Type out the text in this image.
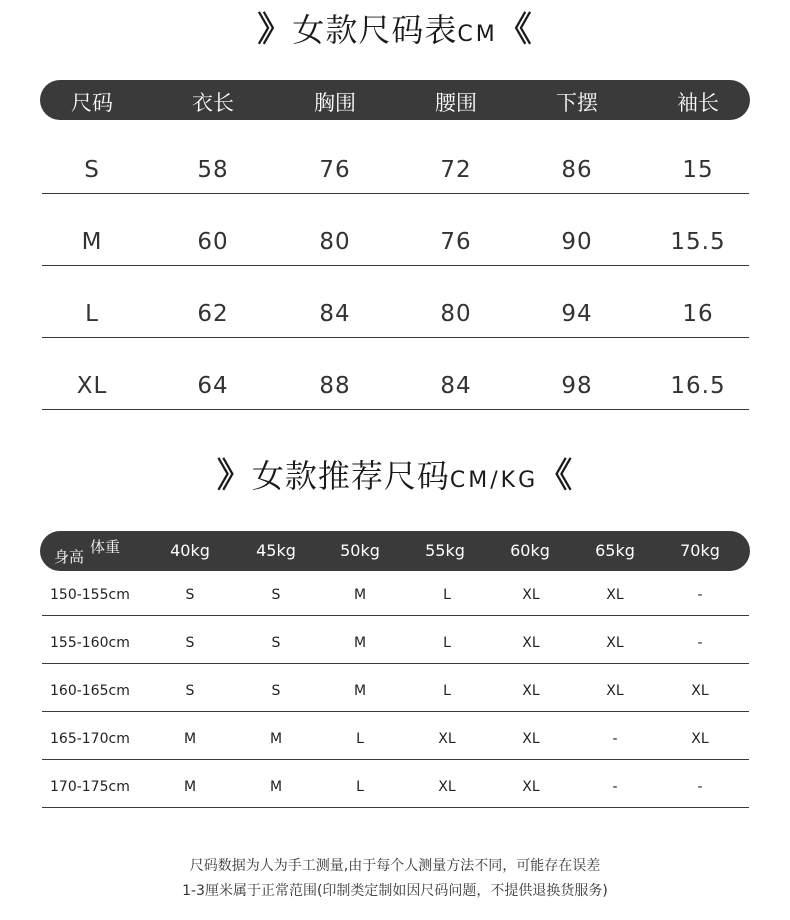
》女款尺码表CM《
尺码	衣长	胸围	腰围	下摆	袖长
S	58	76	72	86	15
M	60	80	76	90	15.5
L	62	84	80	94	16
XL	64	88	84	98	16.5
》女款推荐尺码CM/KG《
体重
身高	40kg	45kg	50kg	55kg	60kg	65kg	70kg
150-155cm	S	S	M	L	XL	XL	-
155-160cm	S	S	M	L	XL	XL	-
160-165cm	S	S	M	L	XL	XL	XL
165-170cm	M	M	L	XL	XL	-	XL
170-175cm	M	M	L	XL	XL	-	-
尺码数据为人为手工测量,由于每个人测量方法不同，可能存在误差
1-3厘米属于正常范围(印制类定制如因尺码问题，不提供退换货服务)
